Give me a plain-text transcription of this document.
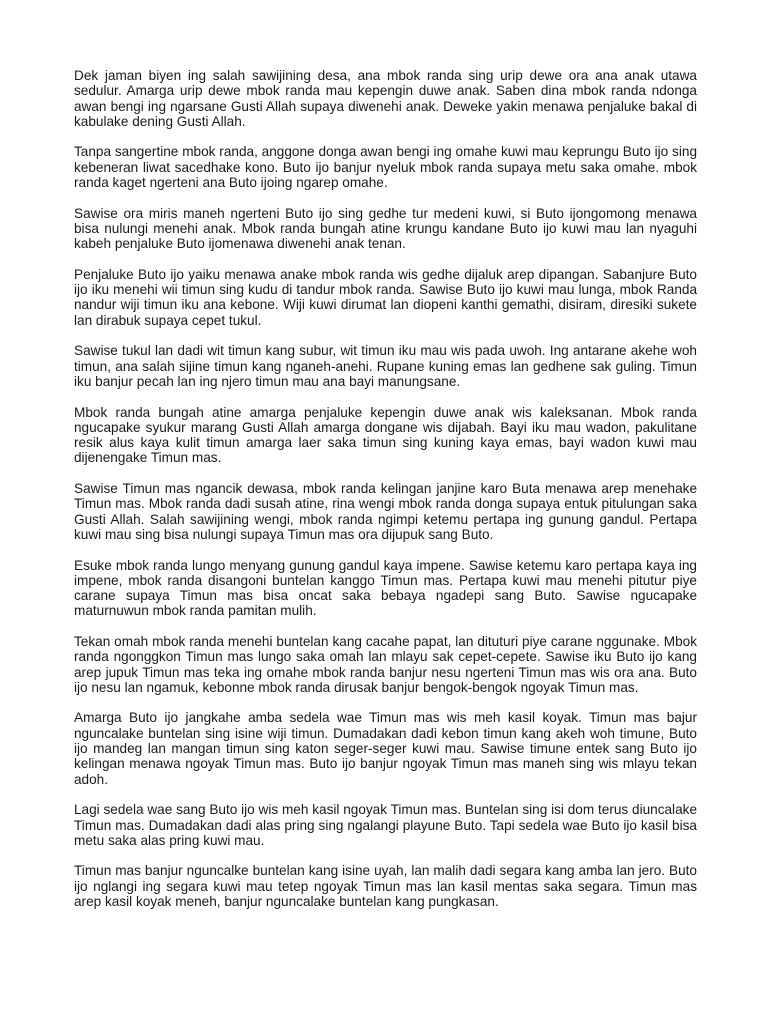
Dek jaman biyen ing salah sawijining desa, ana mbok randa sing urip dewe ora ana anak utawa sedulur. Amarga urip dewe mbok randa mau kepengin duwe anak. Saben dina mbok randa ndonga awan bengi ing ngarsane Gusti Allah supaya diwenehi anak. Deweke yakin menawa penjaluke bakal di kabulake dening Gusti Allah.

Tanpa sangertine mbok randa, anggone donga awan bengi ing omahe kuwi mau keprungu Buto ijo sing kebeneran liwat sacedhake kono. Buto ijo banjur nyeluk mbok randa supaya metu saka omahe. mbok randa kaget ngerteni ana Buto ijoing ngarep omahe.

Sawise ora miris maneh ngerteni Buto ijo sing gedhe tur medeni kuwi, si Buto ijongomong menawa bisa nulungi menehi anak. Mbok randa bungah atine krungu kandane Buto ijo kuwi mau lan nyaguhi kabeh penjaluke Buto ijomenawa diwenehi anak tenan.

Penjaluke Buto ijo yaiku menawa anake mbok randa wis gedhe dijaluk arep dipangan. Sabanjure Buto ijo iku menehi wii timun sing kudu di tandur mbok randa. Sawise Buto ijo kuwi mau lunga, mbok Randa nandur wiji timun iku ana kebone. Wiji kuwi dirumat lan diopeni kanthi gemathi, disiram, diresiki sukete lan dirabuk supaya cepet tukul.

Sawise tukul lan dadi wit timun kang subur, wit timun iku mau wis pada uwoh. Ing antarane akehe woh timun, ana salah sijine timun kang nganeh-anehi. Rupane kuning emas lan gedhene sak guling. Timun iku banjur pecah lan ing njero timun mau ana bayi manungsane.

Mbok randa bungah atine amarga penjaluke kepengin duwe anak wis kaleksanan. Mbok randa ngucapake syukur marang Gusti Allah amarga dongane wis dijabah. Bayi iku mau wadon, pakulitane resik alus kaya kulit timun amarga laer saka timun sing kuning kaya emas, bayi wadon kuwi mau dijenengake Timun mas.

Sawise Timun mas ngancik dewasa, mbok randa kelingan janjine karo Buta menawa arep menehake Timun mas. Mbok randa dadi susah atine, rina wengi mbok randa donga supaya entuk pitulungan saka Gusti Allah. Salah sawijining wengi, mbok randa ngimpi ketemu pertapa ing gunung gandul. Pertapa kuwi mau sing bisa nulungi supaya Timun mas ora dijupuk sang Buto.

Esuke mbok randa lungo menyang gunung gandul kaya impene. Sawise ketemu karo pertapa kaya ing impene, mbok randa disangoni buntelan kanggo Timun mas. Pertapa kuwi mau menehi pitutur piye carane supaya Timun mas bisa oncat saka bebaya ngadepi sang Buto. Sawise ngucapake maturnuwun mbok randa pamitan mulih.

Tekan omah mbok randa menehi buntelan kang cacahe papat, lan dituturi piye carane nggunake. Mbok randa ngonggkon Timun mas lungo saka omah lan mlayu sak cepet-cepete. Sawise iku Buto ijo kang arep jupuk Timun mas teka ing omahe mbok randa banjur nesu ngerteni Timun mas wis ora ana. Buto ijo nesu lan ngamuk, kebonne mbok randa dirusak banjur bengok-bengok ngoyak Timun mas.

Amarga Buto ijo jangkahe amba sedela wae Timun mas wis meh kasil koyak. Timun mas bajur nguncalake buntelan sing isine wiji timun. Dumadakan dadi kebon timun kang akeh woh timune, Buto ijo mandeg lan mangan timun sing katon seger-seger kuwi mau. Sawise timune entek sang Buto ijo kelingan menawa ngoyak Timun mas. Buto ijo banjur ngoyak Timun mas maneh sing wis mlayu tekan adoh.

Lagi sedela wae sang Buto ijo wis meh kasil ngoyak Timun mas. Buntelan sing isi dom terus diuncalake Timun mas. Dumadakan dadi alas pring sing ngalangi playune Buto. Tapi sedela wae Buto ijo kasil bisa metu saka alas pring kuwi mau.

Timun mas banjur nguncalke buntelan kang isine uyah, lan malih dadi segara kang amba lan jero. Buto ijo nglangi ing segara kuwi mau tetep ngoyak Timun mas lan kasil mentas saka segara. Timun mas arep kasil koyak meneh, banjur nguncalake buntelan kang pungkasan.
